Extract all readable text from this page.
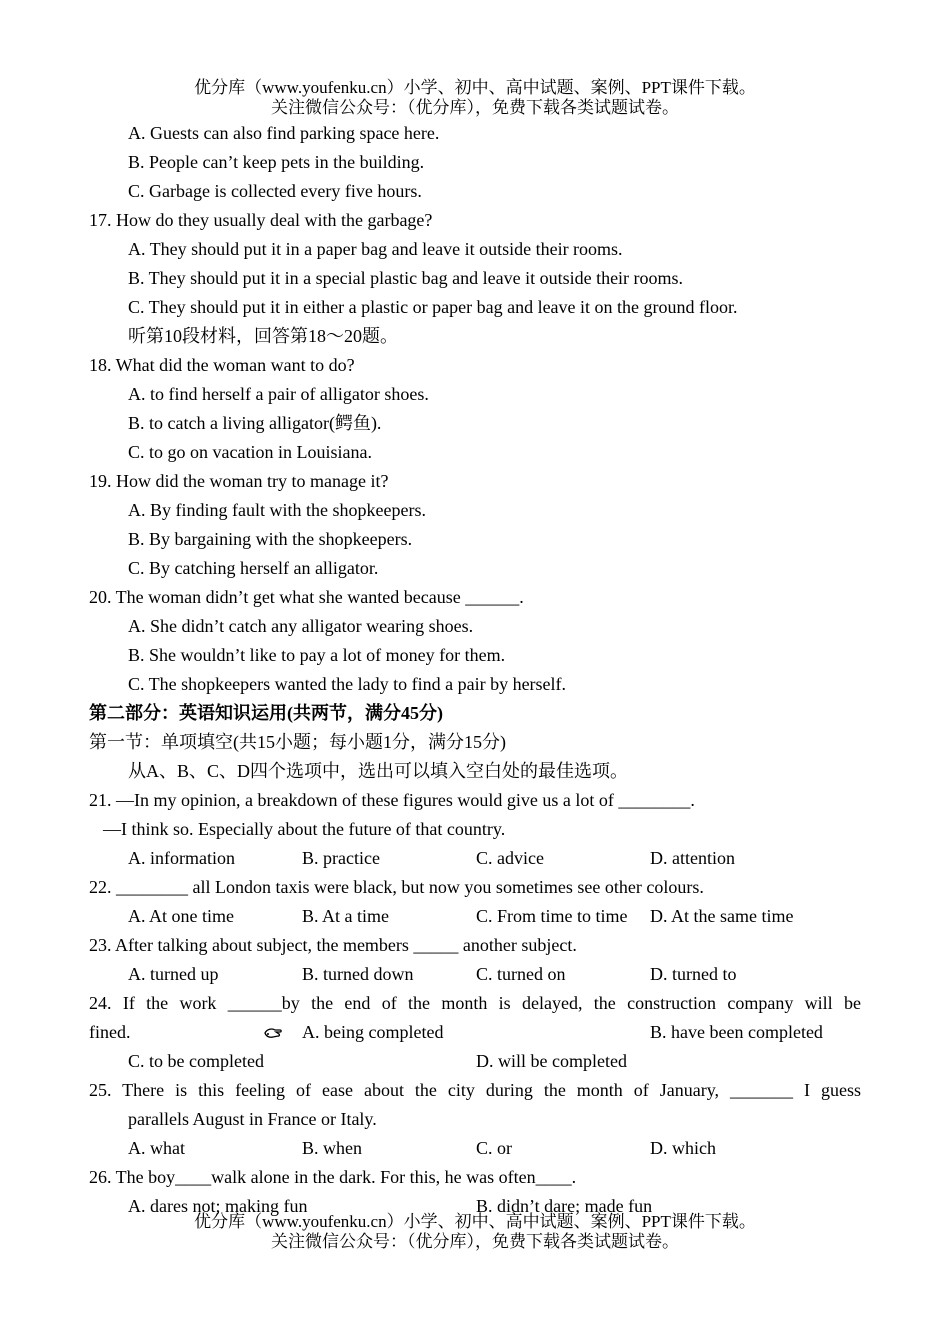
优分库（www.youfenku.cn）小学、初中、高中试题、案例、PPT课件下载。
关注微信公众号：（优分库），免费下载各类试题试卷。
A. Guests can also find parking space here.
B. People can’t keep pets in the building.
C. Garbage is collected every five hours.
17. How do they usually deal with the garbage?
A. They should put it in a paper bag and leave it outside their rooms.
B. They should put it in a special plastic bag and leave it outside their rooms.
C. They should put it in either a plastic or paper bag and leave it on the ground floor.
听第10段材料，回答第18～20题。
18. What did the woman want to do?
A. to find herself a pair of alligator shoes.
B. to catch a living alligator(鳄鱼).
C. to go on vacation in Louisiana.
19. How did the woman try to manage it?
A. By finding fault with the shopkeepers.
B. By bargaining with the shopkeepers.
C. By catching herself an alligator.
20. The woman didn’t get what she wanted because ______.
A. She didn’t catch any alligator wearing shoes.
B. She wouldn’t like to pay a lot of money for them.
C. The shopkeepers wanted the lady to find a pair by herself.
第二部分：英语知识运用(共两节，满分45分)
第一节：单项填空(共15小题；每小题1分，满分15分)
从A、B、C、D四个选项中，选出可以填入空白处的最佳选项。
21. —In my opinion, a breakdown of these figures would give us a lot of ________.
—I think so. Especially about the future of that country.
A. information	B. practice	C. advice	D. attention
22. ________ all London taxis were black, but now you sometimes see other colours.
A. At one time	B. At a time	C. From time to time	D. At the same time
23. After talking about subject, the members _____ another subject.
A. turned up	B. turned down	C. turned on	D. turned to
24. If the work ______by the end of the month is delayed, the construction company will be
fined.	A. being completed	B. have been completed
C. to be completed	D. will be completed
25. There is this feeling of ease about the city during the month of January, _______ I guess
parallels August in France or Italy.
A. what	B. when	C. or	D. which
26. The boy____walk alone in the dark. For this, he was often____.
A. dares not; making fun	B. didn’t dare; made fun
优分库（www.youfenku.cn）小学、初中、高中试题、案例、PPT课件下载。
关注微信公众号：（优分库），免费下载各类试题试卷。
